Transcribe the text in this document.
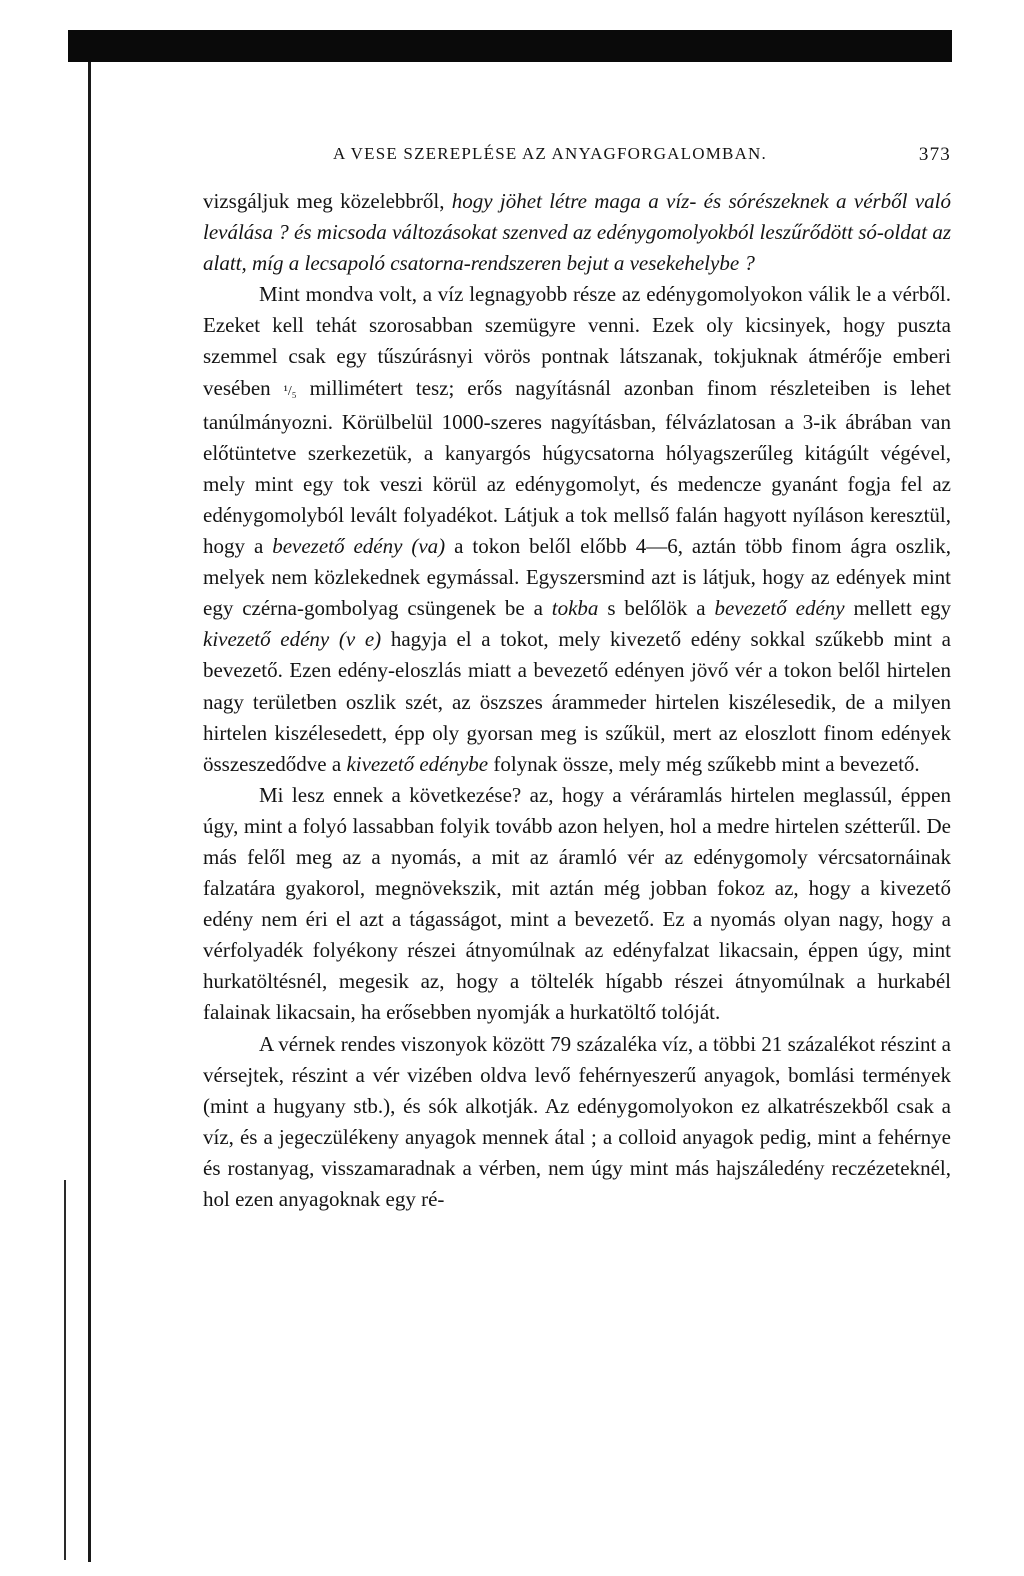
A VESE SZEREPLÉSE AZ ANYAGFORGALOMBAN.	373

vizsgáljuk meg közelebbről, hogy jöhet létre maga a víz- és sórészeknek a vérből való leválása ? és micsoda változásokat szenved az edénygomolyokból leszűrődött só-oldat az alatt, míg a lecsapoló csatorna-rendszeren bejut a vesekehelybe ?

Mint mondva volt, a víz legnagyobb része az edénygomolyokon válik le a vérből. Ezeket kell tehát szorosabban szemügyre venni. Ezek oly kicsinyek, hogy puszta szemmel csak egy tűszúrásnyi vörös pontnak látszanak, tokjuknak átmérője emberi vesében ¹/₅ millimétert tesz; erős nagyításnál azonban finom részleteiben is lehet tanúlmányozni. Körülbelül 1000-szeres nagyításban, félvázlatosan a 3-ik ábrában van előtüntetve szerkezetük, a kanyargós húgycsatorna hólyagszerűleg kitágúlt végével, mely mint egy tok veszi körül az edénygomolyt, és medencze gyanánt fogja fel az edénygomolyból levált folyadékot. Látjuk a tok mellső falán hagyott nyíláson keresztül, hogy a bevezető edény (va) a tokon belől előbb 4—6, aztán több finom ágra oszlik, melyek nem közlekednek egymással. Egyszersmind azt is látjuk, hogy az edények mint egy czérna-gombolyag csüngenek be a tokba s belőlök a bevezető edény mellett egy kivezető edény (v e) hagyja el a tokot, mely kivezető edény sokkal szűkebb mint a bevezető. Ezen edény-eloszlás miatt a bevezető edényen jövő vér a tokon belől hirtelen nagy területben oszlik szét, az öszszes árammeder hirtelen kiszélesedik, de a milyen hirtelen kiszélesedett, épp oly gyorsan meg is szűkül, mert az eloszlott finom edények összeszedődve a kivezető edénybe folynak össze, mely még szűkebb mint a bevezető.

Mi lesz ennek a következése? az, hogy a véráramlás hirtelen meglassúl, éppen úgy, mint a folyó lassabban folyik tovább azon helyen, hol a medre hirtelen szétterűl. De más felől meg az a nyomás, a mit az áramló vér az edénygomoly vércsatornáinak falzatára gyakorol, megnövekszik, mit aztán még jobban fokoz az, hogy a kivezető edény nem éri el azt a tágasságot, mint a bevezető. Ez a nyomás olyan nagy, hogy a vérfolyadék folyékony részei átnyomúlnak az edényfalzat likacsain, éppen úgy, mint hurkatöltésnél, megesik az, hogy a töltelék hígabb részei átnyomúlnak a hurkabél falainak likacsain, ha erősebben nyomják a hurkatöltő tolóját.

A vérnek rendes viszonyok között 79 százaléka víz, a többi 21 százalékot részint a vérsejtek, részint a vér vizében oldva levő fehérnyeszerű anyagok, bomlási termények (mint a hugyany stb.), és sók alkotják. Az edénygomolyokon ez alkatrészekből csak a víz, és a jegeczülékeny anyagok mennek átal ; a colloid anyagok pedig, mint a fehérnye és rostanyag, visszamaradnak a vérben, nem úgy mint más hajszáledény reczézeteknél, hol ezen anyagoknak egy ré-
